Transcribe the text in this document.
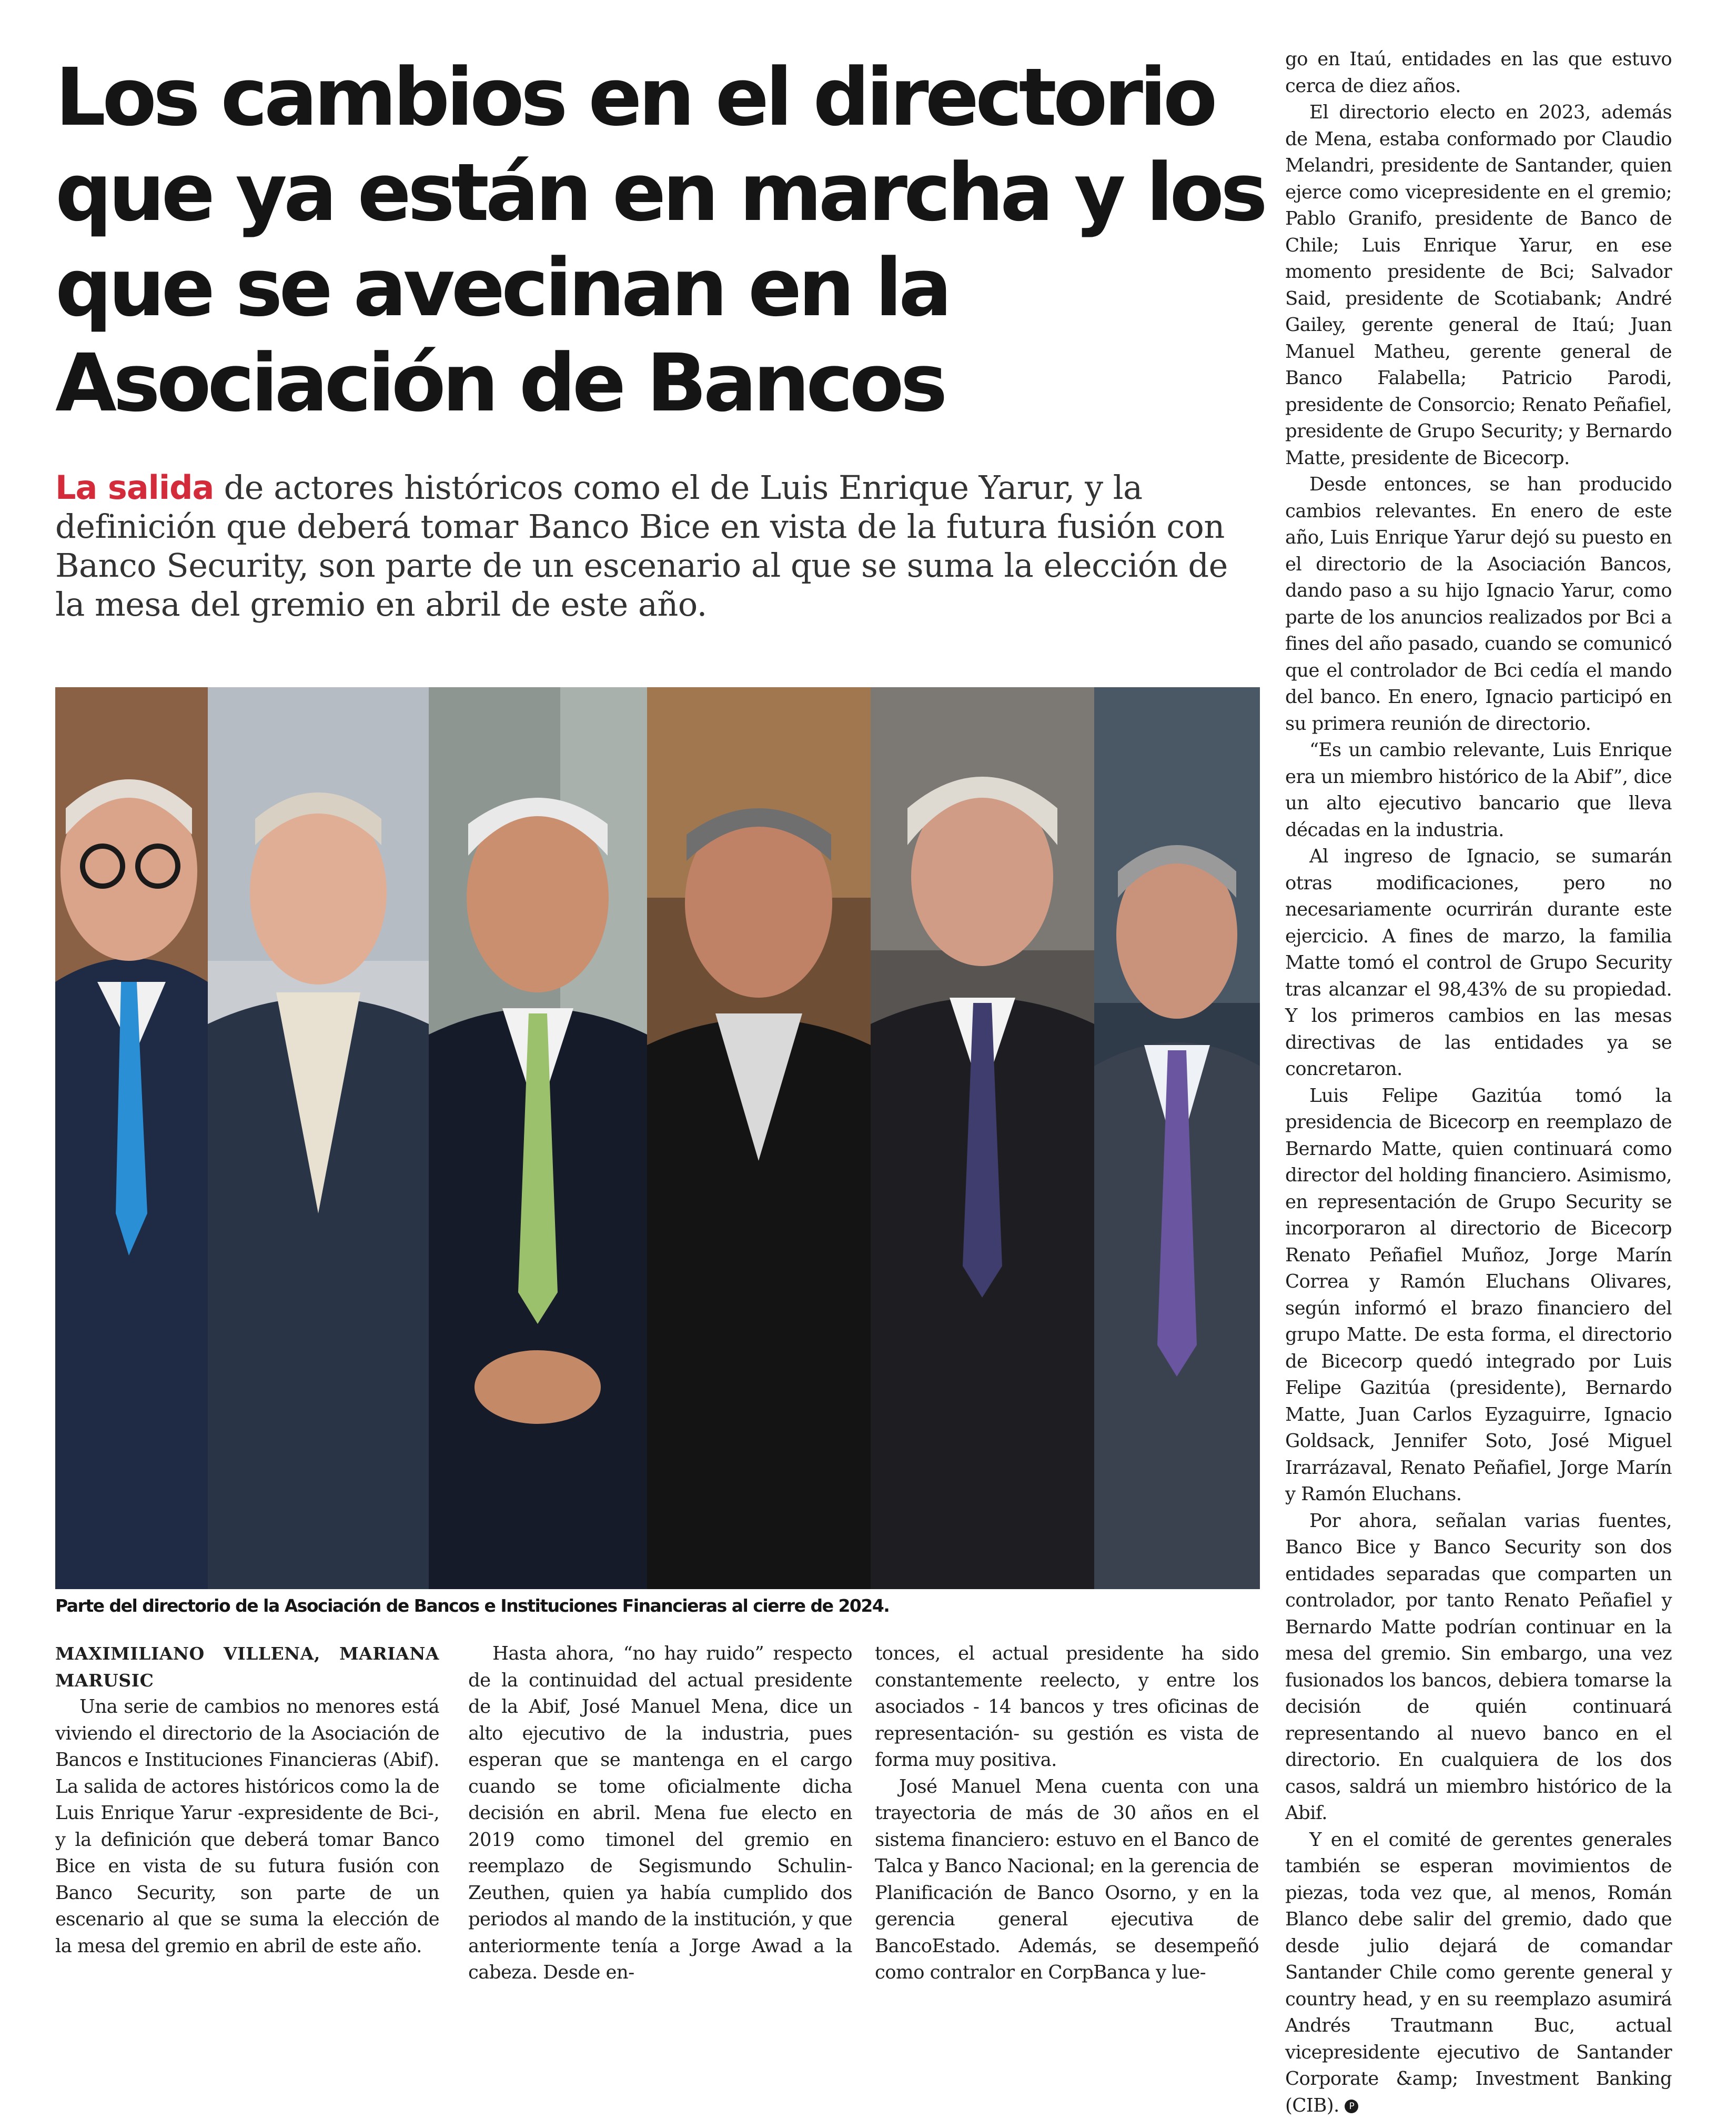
Los cambios en el directorio que ya están en marcha y los que se avecinan en la Asociación de Bancos

La salida de actores históricos como el de Luis Enrique Yarur, y la definición que deberá tomar Banco Bice en vista de la futura fusión con Banco Security, son parte de un escenario al que se suma la elección de la mesa del gremio en abril de este año.

Parte del directorio de la Asociación de Bancos e Instituciones Financieras al cierre de 2024.

MAXIMILIANO VILLENA, MARIANA MARUSIC

Una serie de cambios no menores está viviendo el directorio de la Asociación de Bancos e Instituciones Financieras (Abif). La salida de actores históricos como la de Luis Enrique Yarur -expresidente de Bci-, y la definición que deberá tomar Banco Bice en vista de su futura fusión con Banco Security, son parte de un escenario al que se suma la elección de la mesa del gremio en abril de este año.

Hasta ahora, “no hay ruido” respecto de la continuidad del actual presidente de la Abif, José Manuel Mena, dice un alto ejecutivo de la industria, pues esperan que se mantenga en el cargo cuando se tome oficialmente dicha decisión en abril. Mena fue electo en 2019 como timonel del gremio en reemplazo de Segismundo Schulin-Zeuthen, quien ya había cumplido dos periodos al mando de la institución, y que anteriormente tenía a Jorge Awad a la cabeza. Desde en-

tonces, el actual presidente ha sido constantemente reelecto, y entre los asociados - 14 bancos y tres oficinas de representación- su gestión es vista de forma muy positiva.

José Manuel Mena cuenta con una trayectoria de más de 30 años en el sistema financiero: estuvo en el Banco de Talca y Banco Nacional; en la gerencia de Planificación de Banco Osorno, y en la gerencia general ejecutiva de BancoEstado. Además, se desempeñó como contralor en CorpBanca y lue-

go en Itaú, entidades en las que estuvo cerca de diez años.

El directorio electo en 2023, además de Mena, estaba conformado por Claudio Melandri, presidente de Santander, quien ejerce como vicepresidente en el gremio; Pablo Granifo, presidente de Banco de Chile; Luis Enrique Yarur, en ese momento presidente de Bci; Salvador Said, presidente de Scotiabank; André Gailey, gerente general de Itaú; Juan Manuel Matheu, gerente general de Banco Falabella; Patricio Parodi, presidente de Consorcio; Renato Peñafiel, presidente de Grupo Security; y Bernardo Matte, presidente de Bicecorp.

Desde entonces, se han producido cambios relevantes. En enero de este año, Luis Enrique Yarur dejó su puesto en el directorio de la Asociación Bancos, dando paso a su hijo Ignacio Yarur, como parte de los anuncios realizados por Bci a fines del año pasado, cuando se comunicó que el controlador de Bci cedía el mando del banco. En enero, Ignacio participó en su primera reunión de directorio.

“Es un cambio relevante, Luis Enrique era un miembro histórico de la Abif”, dice un alto ejecutivo bancario que lleva décadas en la industria.

Al ingreso de Ignacio, se sumarán otras modificaciones, pero no necesariamente ocurrirán durante este ejercicio. A fines de marzo, la familia Matte tomó el control de Grupo Security tras alcanzar el 98,43% de su propiedad. Y los primeros cambios en las mesas directivas de las entidades ya se concretaron.

Luis Felipe Gazitúa tomó la presidencia de Bicecorp en reemplazo de Bernardo Matte, quien continuará como director del holding financiero. Asimismo, en representación de Grupo Security se incorporaron al directorio de Bicecorp Renato Peñafiel Muñoz, Jorge Marín Correa y Ramón Eluchans Olivares, según informó el brazo financiero del grupo Matte. De esta forma, el directorio de Bicecorp quedó integrado por Luis Felipe Gazitúa (presidente), Bernardo Matte, Juan Carlos Eyzaguirre, Ignacio Goldsack, Jennifer Soto, José Miguel Irarrázaval, Renato Peñafiel, Jorge Marín y Ramón Eluchans.

Por ahora, señalan varias fuentes, Banco Bice y Banco Security son dos entidades separadas que comparten un controlador, por tanto Renato Peñafiel y Bernardo Matte podrían continuar en la mesa del gremio. Sin embargo, una vez fusionados los bancos, debiera tomarse la decisión de quién continuará representando al nuevo banco en el directorio. En cualquiera de los dos casos, saldrá un miembro histórico de la Abif.

Y en el comité de gerentes generales también se esperan movimientos de piezas, toda vez que, al menos, Román Blanco debe salir del gremio, dado que desde julio dejará de comandar Santander Chile como gerente general y country head, y en su reemplazo asumirá Andrés Trautmann Buc, actual vicepresidente ejecutivo de Santander Corporate &amp; Investment Banking (CIB). P
